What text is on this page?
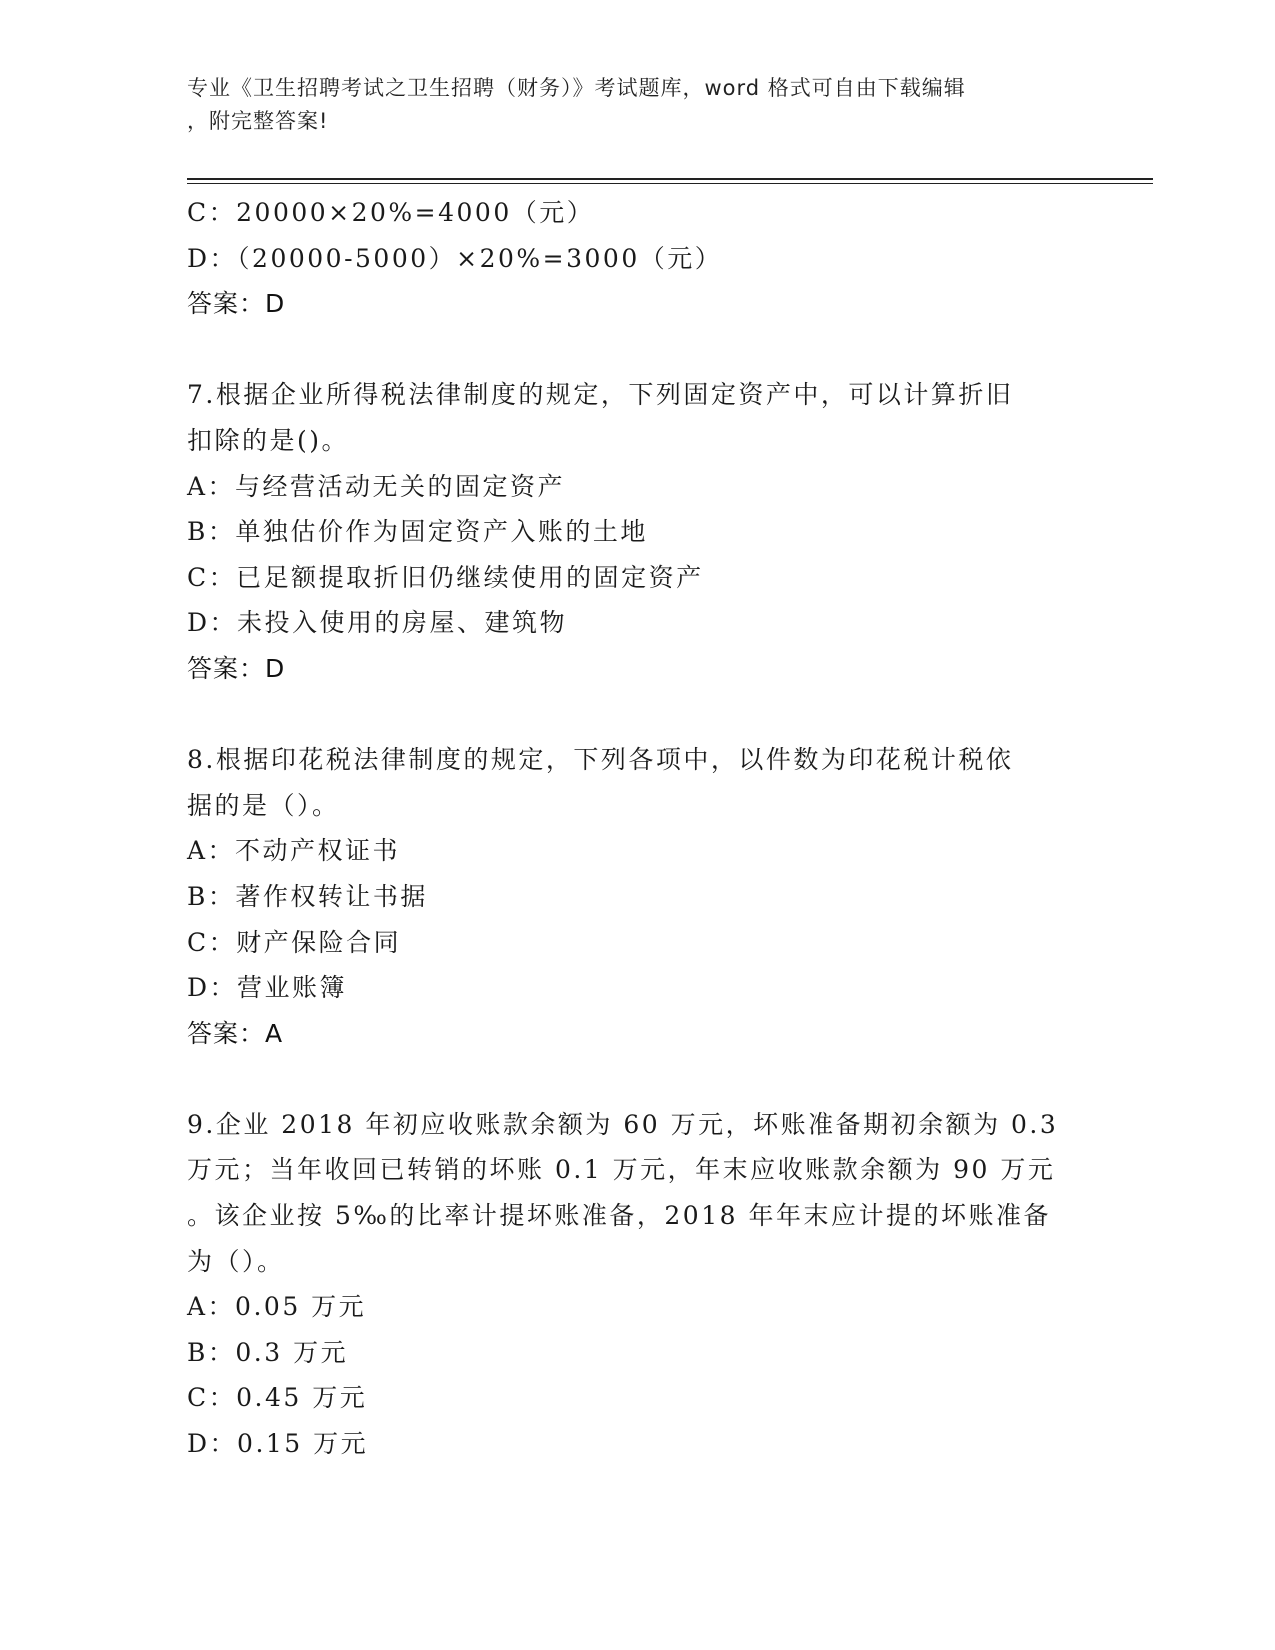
专业《卫生招聘考试之卫生招聘（财务）》考试题库，word 格式可自由下载编辑
，附完整答案!
C：20000×20%=4000（元）
D：（20000-5000）×20%=3000（元）
答案：D
7.根据企业所得税法律制度的规定，下列固定资产中，可以计算折旧
扣除的是()。
A：与经营活动无关的固定资产
B：单独估价作为固定资产入账的土地
C：已足额提取折旧仍继续使用的固定资产
D：未投入使用的房屋、建筑物
答案：D
8.根据印花税法律制度的规定，下列各项中，以件数为印花税计税依
据的是（）。
A：不动产权证书
B：著作权转让书据
C：财产保险合同
D：营业账簿
答案：A
9.企业 2018 年初应收账款余额为 60 万元，坏账准备期初余额为 0.3
万元；当年收回已转销的坏账 0.1 万元，年末应收账款余额为 90 万元
。该企业按 5‰的比率计提坏账准备，2018 年年末应计提的坏账准备
为（）。
A：0.05 万元
B：0.3 万元
C：0.45 万元
D：0.15 万元
